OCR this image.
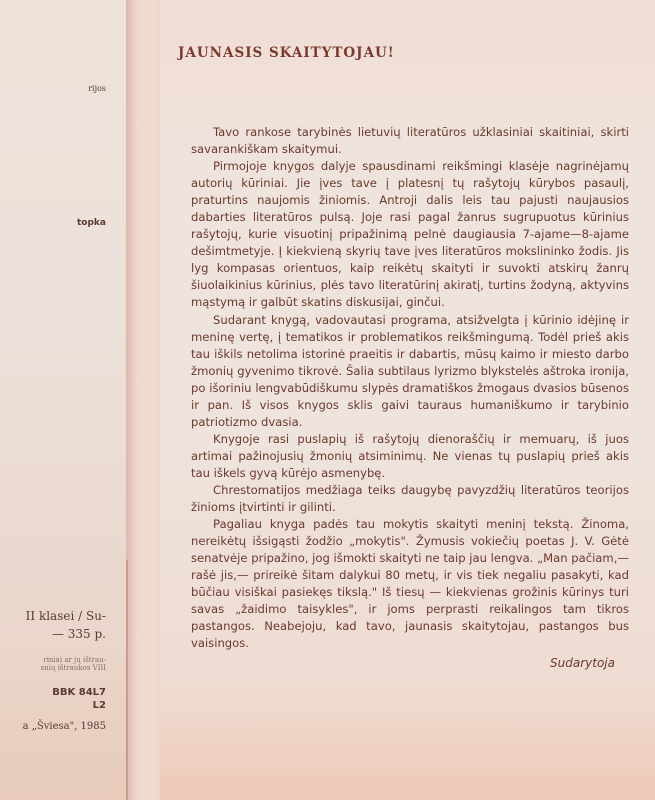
rijos
topka
II klasei / Su-
— 335 p.
riniai ar jų ištrau-
snių ištraukos VIII
BBK 84L7
L2
a „Šviesa", 1985
JAUNASIS SKAITYTOJAU!

Tavo rankose tarybinės lietuvių literatūros užklasiniai skaitiniai, skirti savarankiškam skaitymui.

Pirmojoje knygos dalyje spausdinami reikšmingi klasėje nagrinėjamų autorių kūriniai. Jie įves tave į platesnį tų rašytojų kūrybos pasaulį, praturtins naujomis žiniomis. Antroji dalis leis tau pajusti naujausios dabarties literatūros pulsą. Joje rasi pagal žanrus sugrupuotus kūrinius rašytojų, kurie visuotinį pripažinimą pelnė daugiausia 7-ajame—8-ajame dešimtmetyje. Į kiekvieną skyrių tave įves literatūros mokslininko žodis. Jis lyg kompasas orientuos, kaip reikėtų skaityti ir suvokti atskirų žanrų šiuolaikinius kūrinius, plės tavo literatūrinį akiratį, turtins žodyną, aktyvins mąstymą ir galbūt skatins diskusijai, ginčui.

Sudarant knygą, vadovautasi programa, atsižvelgta į kūrinio idėjinę ir meninę vertę, į tematikos ir problematikos reikšmingumą. Todėl prieš akis tau iškils netolima istorinė praeitis ir dabartis, mūsų kaimo ir miesto darbo žmonių gyvenimo tikrovė. Šalia subtilaus lyrizmo blykstelės aštroka ironija, po išoriniu lengvabūdiškumu slypės dramatiškos žmogaus dvasios būsenos ir pan. Iš visos knygos sklis gaivi tauraus humaniškumo ir tarybinio patriotizmo dvasia.

Knygoje rasi puslapių iš rašytojų dienoraščių ir memuarų, iš juos artimai pažinojusių žmonių atsiminimų. Ne vienas tų puslapių prieš akis tau iškels gyvą kūrėjo asmenybę.

Chrestomatijos medžiaga teiks daugybę pavyzdžių literatūros teorijos žinioms įtvirtinti ir gilinti.

Pagaliau knyga padės tau mokytis skaityti meninį tekstą. Žinoma, nereikėtų išsigąsti žodžio „mokytis". Žymusis vokiečių poetas J. V. Gėtė senatvėje pripažino, jog išmokti skaityti ne taip jau lengva. „Man pačiam,— rašė jis,— prireikė šitam dalykui 80 metų, ir vis tiek negaliu pasakyti, kad būčiau visiškai pasiekęs tikslą." Iš tiesų — kiekvienas grožinis kūrinys turi savas „žaidimo taisykles", ir joms perprasti reikalingos tam tikros pastangos. Neabejoju, kad tavo, jaunasis skaitytojau, pastangos bus vaisingos.

Sudarytoja
